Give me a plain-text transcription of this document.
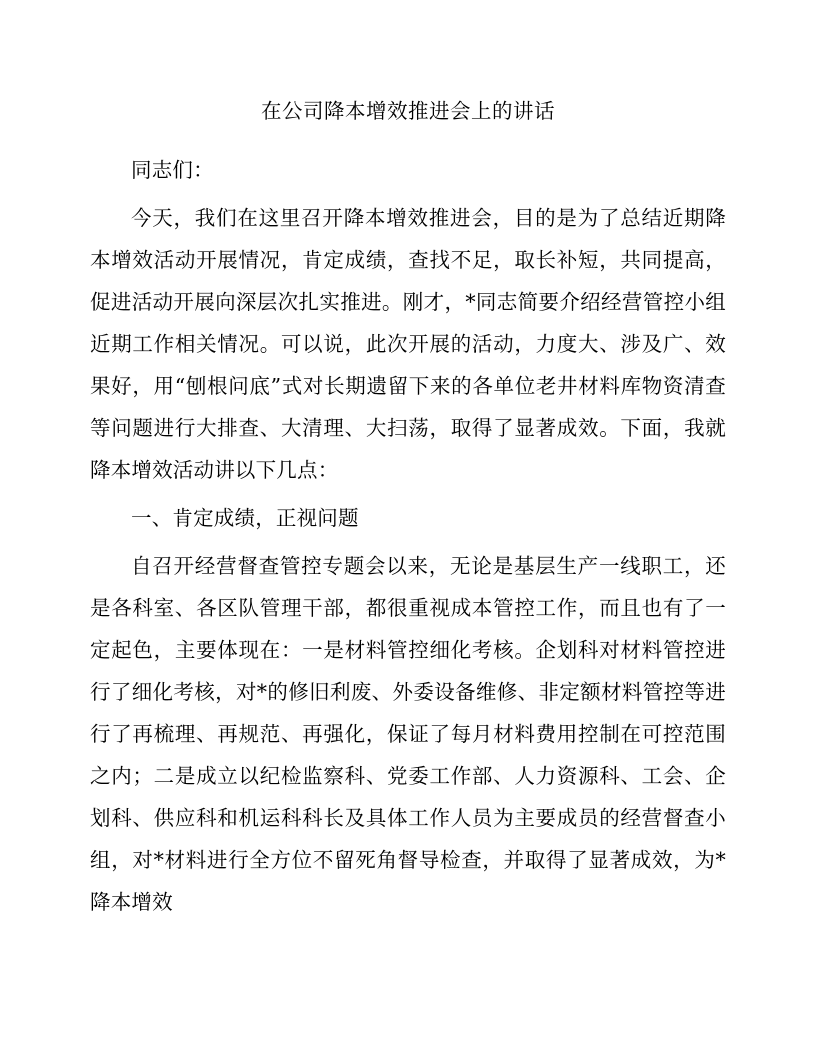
在公司降本增效推进会上的讲话

同志们：

今天，我们在这里召开降本增效推进会，目的是为了总结近期降本增效活动开展情况，肯定成绩，查找不足，取长补短，共同提高，促进活动开展向深层次扎实推进。刚才，*同志简要介绍经营管控小组近期工作相关情况。可以说，此次开展的活动，力度大、涉及广、效果好，用“刨根问底”式对长期遗留下来的各单位老井材料库物资清查等问题进行大排查、大清理、大扫荡，取得了显著成效。下面，我就降本增效活动讲以下几点：

一、肯定成绩，正视问题

自召开经营督查管控专题会以来，无论是基层生产一线职工，还是各科室、各区队管理干部，都很重视成本管控工作，而且也有了一定起色，主要体现在：一是材料管控细化考核。企划科对材料管控进行了细化考核，对*的修旧利废、外委设备维修、非定额材料管控等进行了再梳理、再规范、再强化，保证了每月材料费用控制在可控范围之内；二是成立以纪检监察科、党委工作部、人力资源科、工会、企划科、供应科和机运科科长及具体工作人员为主要成员的经营督查小组，对*材料进行全方位不留死角督导检查，并取得了显著成效，为*降本增效
